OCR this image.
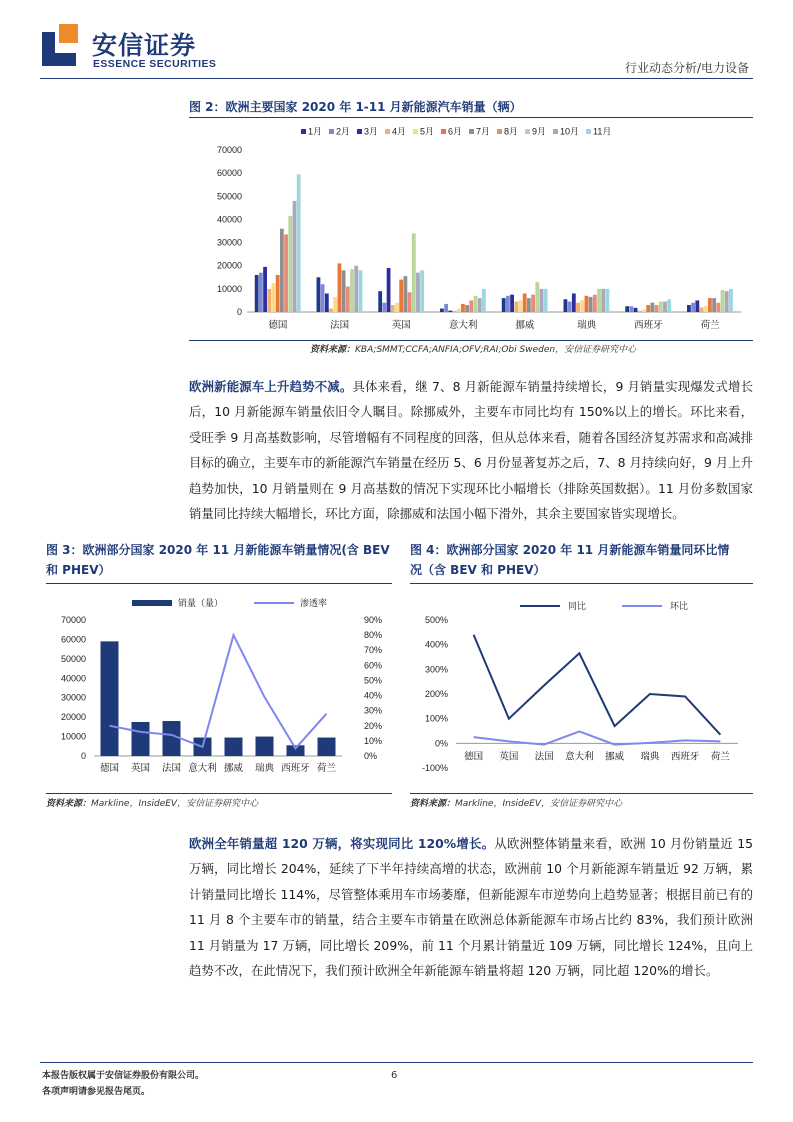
安信证券
ESSENCE SECURITIES	行业动态分析/电力设备
图 2：欧洲主要国家 2020 年 1-11 月新能源汽车销量（辆）
0
10000
20000
30000
40000
50000
60000
70000
1月 2月 3月 4月 5月 6月 7月 8月 9月 10月 11月
德国	法国	英国	意大利	挪威	瑞典	西班牙	荷兰
资料来源：KBA;SMMT;CCFA;ANFIA;OFV;RAI;Obi Sweden，安信证券研究中心
欧洲新能源车上升趋势不减。具体来看，继 7、8 月新能源车销量持续增长，9 月销量实现爆发式增长后，10 月新能源车销量依旧令人瞩目。除挪威外，主要车市同比均有 150%以上的增长。环比来看，受旺季 9 月高基数影响，尽管增幅有不同程度的回落，但从总体来看，随着各国经济复苏需求和高减排目标的确立，主要车市的新能源汽车销量在经历 5、6 月份显著复苏之后，7、8 月持续向好，9 月上升趋势加快，10 月销量则在 9 月高基数的情况下实现环比小幅增长（排除英国数据）。11 月份多数国家销量同比持续大幅增长，环比方面，除挪威和法国小幅下滑外，其余主要国家皆实现增长。
图 3：欧洲部分国家 2020 年 11 月新能源车销量情况(含 BEV
和 PHEV）
0
10000
20000
30000
40000
50000
60000
70000
0%
10%
20%
30%
40%
50%
60%
70%
80%
90%
销量（量）	渗透率
德国 英国 法国 意大利 挪威 瑞典 西班牙 荷兰
资料来源：Markline，InsideEV，安信证券研究中心
图 4：欧洲部分国家 2020 年 11 月新能源车销量同环比情
况（含 BEV 和 PHEV）
-100%
0%
100%
200%
300%
400%
500%
同比	环比
德国 英国 法国 意大利 挪威 瑞典 西班牙 荷兰
资料来源：Markline，InsideEV，安信证券研究中心
欧洲全年销量超 120 万辆，将实现同比 120%增长。从欧洲整体销量来看，欧洲 10 月份销量近 15 万辆，同比增长 204%，延续了下半年持续高增的状态，欧洲前 10 个月新能源车销量近 92 万辆，累计销量同比增长 114%，尽管整体乘用车市场萎靡，但新能源车市逆势向上趋势显著；根据目前已有的 11 月 8 个主要车市的销量，结合主要车市销量在欧洲总体新能源车市场占比约 83%，我们预计欧洲 11 月销量为 17 万辆，同比增长 209%，前 11 个月累计销量近 109 万辆，同比增长 124%，且向上趋势不改，在此情况下，我们预计欧洲全年新能源车销量将超 120 万辆，同比超 120%的增长。
本报告版权属于安信证券股份有限公司。
各项声明请参见报告尾页。
6
